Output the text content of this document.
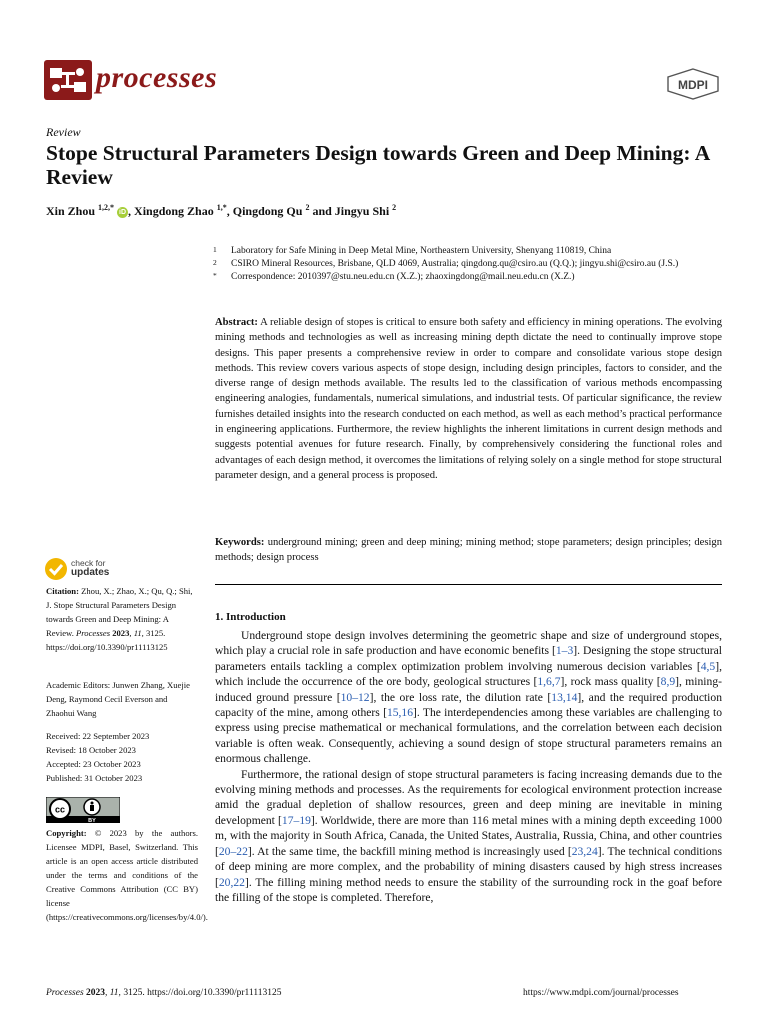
processes	MDPI
Review
Stope Structural Parameters Design towards Green and Deep Mining: A Review
Xin Zhou $^{1,2,*}$ iD , Xingdong Zhao $^{1,*}$, Qingdong Qu $^2$ and Jingyu Shi $^2$
1 Laboratory for Safe Mining in Deep Metal Mine, Northeastern University, Shenyang 110819, China
2 CSIRO Mineral Resources, Brisbane, QLD 4069, Australia; qingdong.qu@csiro.au (Q.Q.); jingyu.shi@csiro.au (J.S.)
* Correspondence: 2010397@stu.neu.edu.cn (X.Z.); zhaoxingdong@mail.neu.edu.cn (X.Z.)
Abstract: A reliable design of stopes is critical to ensure both safety and efficiency in mining operations. The evolving mining methods and technologies as well as increasing mining depth dictate the need to continually improve stope designs. This paper presents a comprehensive review in order to compare and consolidate various stope design methods. This review covers various aspects of stope design, including design principles, factors to consider, and the diverse range of design methods available. The results led to the classification of various methods encompassing engineering analogies, fundamentals, numerical simulations, and industrial tests. Of particular significance, the review furnishes detailed insights into the research conducted on each method, as well as each method’s practical performance in engineering applications. Furthermore, the review highlights the inherent limitations in current design methods and suggests potential avenues for future research. Finally, by comprehensively considering the functional roles and advantages of each design method, it overcomes the limitations of relying solely on a single method for stope structural parameter design, and a general process is proposed.
Keywords: underground mining; green and deep mining; mining method; stope parameters; design principles; design methods; design process
check for
updates
Citation: Zhou, X.; Zhao, X.; Qu, Q.; Shi, J. Stope Structural Parameters Design towards Green and Deep Mining: A Review. Processes 2023, 11, 3125. https://doi.org/10.3390/pr11113125
Academic Editors: Junwen Zhang, Xuejie Deng, Raymond Cecil Everson and Zhaohui Wang
Received: 22 September 2023
Revised: 18 October 2023
Accepted: 23 October 2023
Published: 31 October 2023
cc
BY
Copyright: © 2023 by the authors. Licensee MDPI, Basel, Switzerland. This article is an open access article distributed under the terms and conditions of the Creative Commons Attribution (CC BY) license (https://creativecommons.org/licenses/by/4.0/).
1. Introduction

Underground stope design involves determining the geometric shape and size of underground stopes, which play a crucial role in safe production and have economic benefits [1–3]. Designing the stope structural parameters entails tackling a complex optimization problem involving numerous decision variables [4,5], which include the occurrence of the ore body, geological structures [1,6,7], rock mass quality [8,9], mining-induced ground pressure [10–12], the ore loss rate, the dilution rate [13,14], and the required production capacity of the mine, among others [15,16]. The interdependencies among these variables are challenging to express using precise mathematical or mechanical formulations, and the correlation between each decision variable is often weak. Consequently, achieving a sound design of stope structural parameters remains an enormous challenge.

Furthermore, the rational design of stope structural parameters is facing increasing demands due to the evolving mining methods and processes. As the requirements for ecological environment protection increase amid the gradual depletion of shallow resources, green and deep mining are inevitable in mining development [17–19]. Worldwide, there are more than 116 metal mines with a mining depth exceeding 1000 m, with the majority in South Africa, Canada, the United States, Australia, Russia, China, and other countries [20–22]. At the same time, the backfill mining method is increasingly used [23,24]. The technical conditions of deep mining are more complex, and the probability of mining disasters caused by high stress increases [20,22]. The filling mining method needs to ensure the stability of the surrounding rock in the goaf before the filling of the stope is completed. Therefore,

Processes 2023, 11, 3125. https://doi.org/10.3390/pr11113125	https://www.mdpi.com/journal/processes
